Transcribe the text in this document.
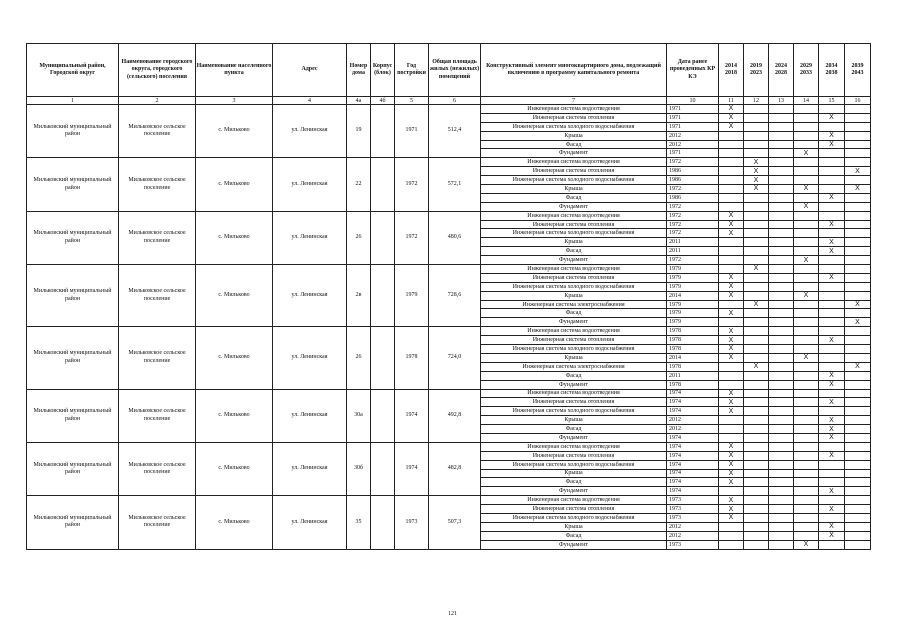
Муниципальный район, Городской округ	Наименование городского округа, городского (сельского) поселения	Наименование населенного пункта	Адрес	Номер дома	Корпус (блок)	Год постройки	Общая площадь жилых (нежилых) помещений	Конструктивный элемент многоквартирного дома, подлежащий включению в программу капитального ремонта	Дата ранее проведенных КР КЭ	2014 2018	2019 2023	2024 2028	2029 2033	2034 2038	2039 2043
1	2	3	4	4а	4б	5	6	7	10	11	12	13	14	15	16
Мильковский муниципальный район	Мильковское сельское поселение	с. Мильково	ул. Ленинская	19		1971	512,4	Инженерная система водоотведения	1971	X					
								Инженерная система отопления	1971	X				X	
								Инженерная система холодного водоснабжения	1971	X					
								Крыша	2012					X	
								Фасад	2012					X	
								Фундамент	1971				X		
Мильковский муниципальный район	Мильковское сельское поселение	с. Мильково	ул. Ленинская	22		1972	572,1	Инженерная система водоотведения	1972		X				
								Инженерная система отопления	1986		X				X
								Инженерная система холодного водоснабжения	1986		X				
								Крыша	1972		X		X		X
								Фасад	1986					X	
								Фундамент	1972				X		
Мильковский муниципальный район	Мильковское сельское поселение	с. Мильково	ул. Ленинская	26		1972	480,6	Инженерная система водоотведения	1972	X					
								Инженерная система отопления	1972	X				X	
								Инженерная система холодного водоснабжения	1972	X					
								Крыша	2011					X	
								Фасад	2011					X	
								Фундамент	1972				X		
Мильковский муниципальный район	Мильковское сельское поселение	с. Мильково	ул. Ленинская	2в		1979	728,6	Инженерная система водоотведения	1979		X				
								Инженерная система отопления	1979	X				X	
								Инженерная система холодного водоснабжения	1979	X					
								Крыша	2014	X			X		
								Инженерная система электроснабжения	1979		X				X
								Фасад	1979	X					
								Фундамент	1979						X
Мильковский муниципальный район	Мильковское сельское поселение	с. Мильково	ул. Ленинская	26		1978	724,0	Инженерная система водоотведения	1978	X					
								Инженерная система отопления	1978	X				X	
								Инженерная система холодного водоснабжения	1978	X					
								Крыша	2014	X			X		
								Инженерная система электроснабжения	1978		X				X
								Фасад	2011					X	
								Фундамент	1978					X	
Мильковский муниципальный район	Мильковское сельское поселение	с. Мильково	ул. Ленинская	30а		1974	492,8	Инженерная система водоотведения	1974	X					
								Инженерная система отопления	1974	X				X	
								Инженерная система холодного водоснабжения	1974	X					
								Крыша	2012					X	
								Фасад	2012					X	
								Фундамент	1974					X	
Мильковский муниципальный район	Мильковское сельское поселение	с. Мильково	ул. Ленинская	30б		1974	482,8	Инженерная система водоотведения	1974	X					
								Инженерная система отопления	1974	X				X	
								Инженерная система холодного водоснабжения	1974	X					
								Крыша	1974	X					
								Фасад	1974	X					
								Фундамент	1974					X	
Мильковский муниципальный район	Мильковское сельское поселение	с. Мильково	ул. Ленинская	35		1973	507,3	Инженерная система водоотведения	1973	X					
								Инженерная система отопления	1973	X				X	
								Инженерная система холодного водоснабжения	1973	X					
								Крыша	2012					X	
								Фасад	2012					X	
								Фундамент	1973				X		
121
